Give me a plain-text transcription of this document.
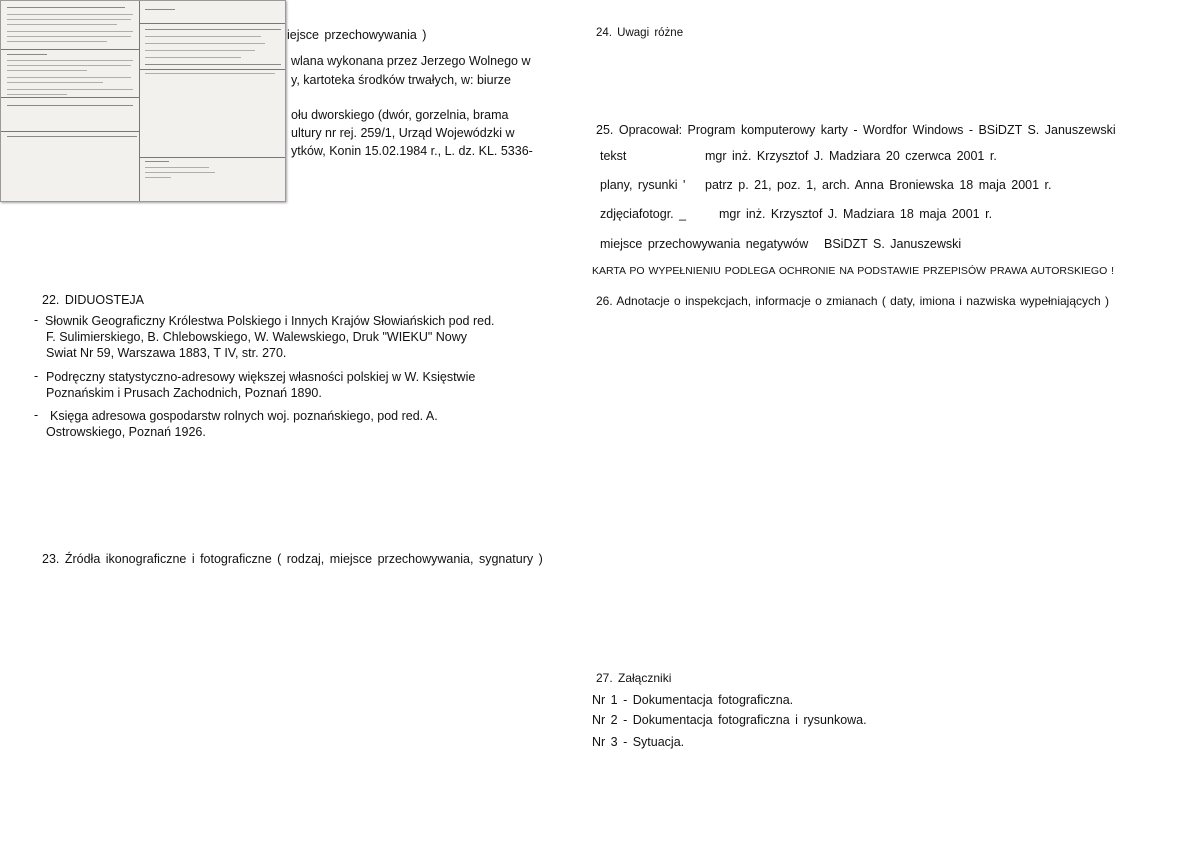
iejsce przechowywania )
wlana wykonana przez Jerzego Wolnego w
y, kartoteka środków trwałych, w: biurze
ołu dworskiego (dwór, gorzelnia, brama
ultury nr rej. 259/1, Urząd Wojewódzki w
ytków, Konin 15.02.1984 r., L. dz. KL. 5336-
22. DIDUOSTEJA
- Słownik Geograficzny Królestwa Polskiego i Innych Krajów Słowiańskich pod red.
F. Sulimierskiego, B. Chlebowskiego, W. Walewskiego, Druk "WIEKU" Nowy
Swiat Nr 59, Warszawa 1883, T IV, str. 270.
- Podręczny statystyczno-adresowy większej własności polskiej w W. Księstwie
Poznańskim i Prusach Zachodnich, Poznań 1890.
- Księga adresowa gospodarstw rolnych woj. poznańskiego, pod red. A.
Ostrowskiego, Poznań 1926.
23. Źródła ikonograficzne i fotograficzne ( rodzaj, miejsce przechowywania, sygnatury )
24. Uwagi różne
25. Opracował: Program komputerowy karty - Wordfor Windows - BSiDZT S. Januszewski
tekst	mgr inż. Krzysztof J. Madziara 20 czerwca 2001 r.
plany, rysunki ' patrz p. 21, poz. 1, arch. Anna Broniewska 18 maja 2001 r.
zdjęciafotogr. _	mgr inż. Krzysztof J. Madziara 18 maja 2001 r.
miejsce przechowywania negatywów BSiDZT S. Januszewski
KARTA PO WYPEŁNIENIU PODLEGA OCHRONIE NA PODSTAWIE PRZEPISÓW PRAWA AUTORSKIEGO !
26. Adnotacje o inspekcjach, informacje o zmianach ( daty, imiona i nazwiska wypełniających )
27. Załączniki
Nr 1 - Dokumentacja fotograficzna.
Nr 2 - Dokumentacja fotograficzna i rysunkowa.
Nr 3 - Sytuacja.
